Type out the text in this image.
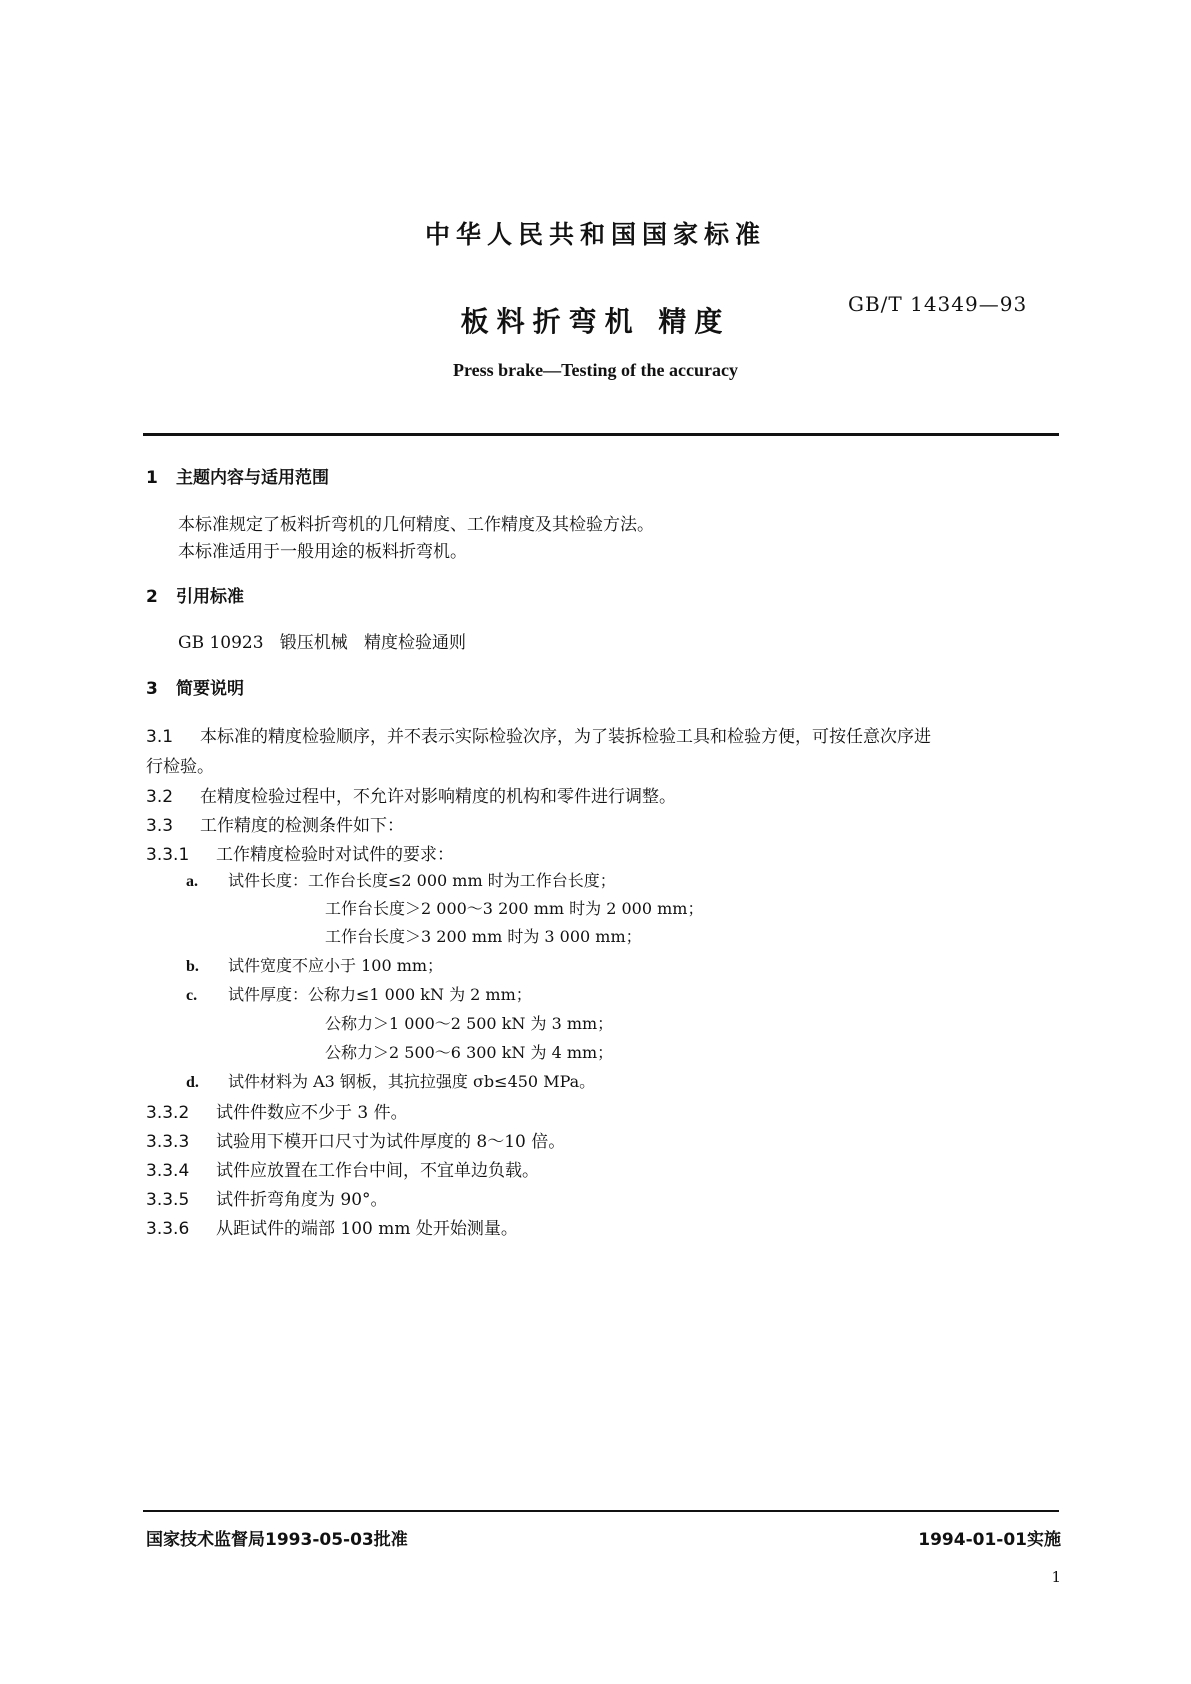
中华人民共和国国家标准
板料折弯机 精度
GB/T 14349—93
Press brake—Testing of the accuracy
1 主题内容与适用范围
本标准规定了板料折弯机的几何精度、工作精度及其检验方法。
本标准适用于一般用途的板料折弯机。
2 引用标准
GB 10923   锻压机械   精度检验通则
3 简要说明
3.1 本标准的精度检验顺序，并不表示实际检验次序，为了装拆检验工具和检验方便，可按任意次序进
行检验。
3.2 在精度检验过程中，不允许对影响精度的机构和零件进行调整。
3.3 工作精度的检测条件如下：
3.3.1 工作精度检验时对试件的要求：
a. 试件长度：工作台长度≤2 000 mm 时为工作台长度；
工作台长度＞2 000～3 200 mm 时为 2 000 mm；
工作台长度＞3 200 mm 时为 3 000 mm；
b. 试件宽度不应小于 100 mm；
c. 试件厚度：公称力≤1 000 kN 为 2 mm；
公称力＞1 000～2 500 kN 为 3 mm；
公称力＞2 500～6 300 kN 为 4 mm；
d. 试件材料为 A3 钢板，其抗拉强度 σb≤450 MPa。
3.3.2 试件件数应不少于 3 件。
3.3.3 试验用下模开口尺寸为试件厚度的 8～10 倍。
3.3.4 试件应放置在工作台中间，不宜单边负载。
3.3.5 试件折弯角度为 90°。
3.3.6 从距试件的端部 100 mm 处开始测量。
国家技术监督局1993-05-03批准	1994-01-01实施
1
